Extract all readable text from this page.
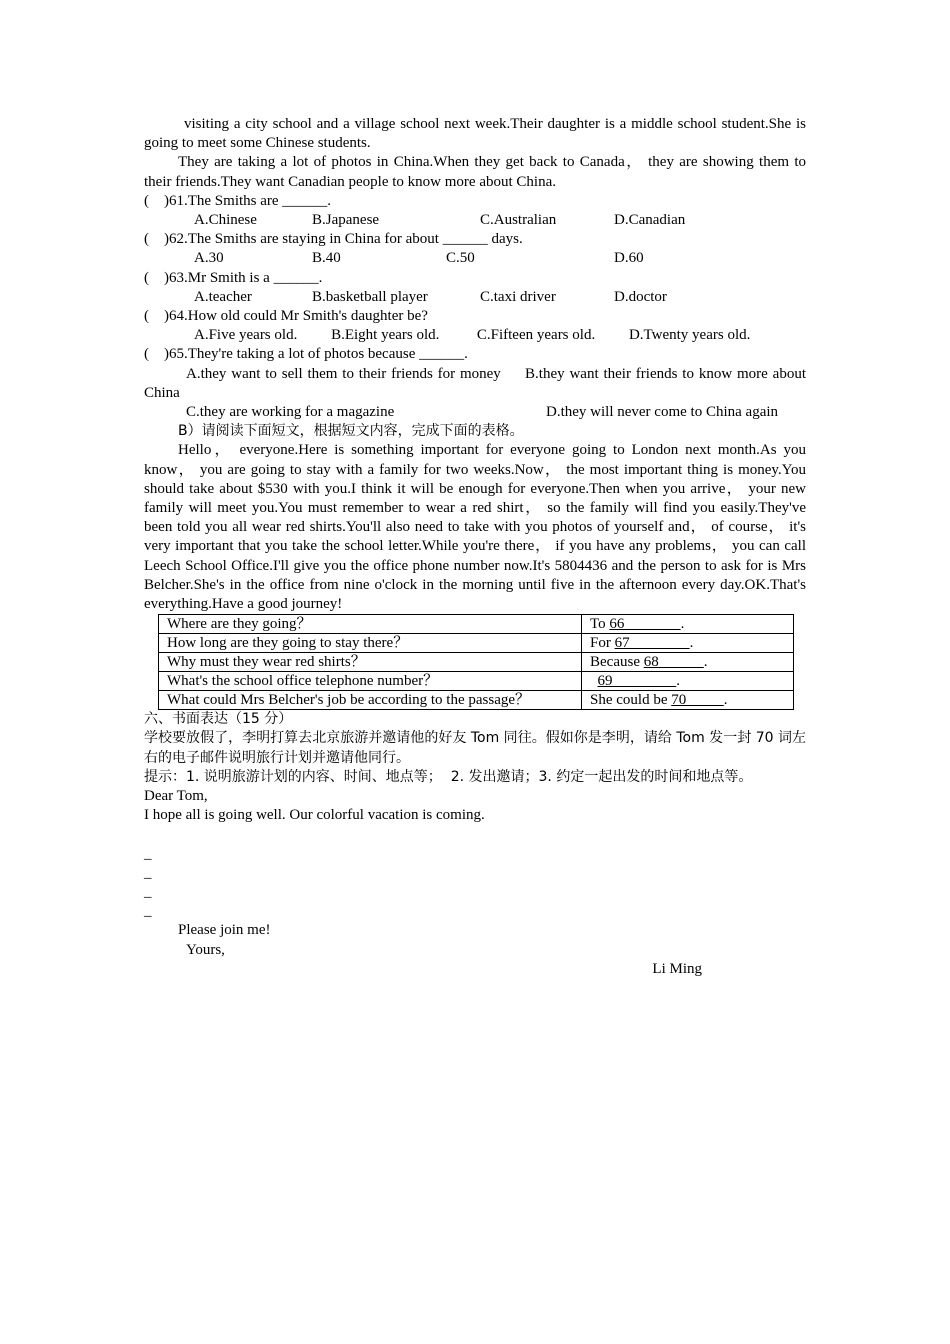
visiting a city school and a village school next week.Their daughter is a middle school student.She is going to meet some Chinese students.

They are taking a lot of photos in China.When they get back to Canada， they are showing them to their friends.They want Canadian people to know more about China.

(    )61.The Smiths are ______.

A.Chinese	B.Japanese	C.Australian	D.Canadian

(    )62.The Smiths are staying in China for about ______ days.

A.30	B.40	C.50	D.60

(    )63.Mr Smith is a ______.

A.teacher	B.basketball player	C.taxi driver	D.doctor

(    )64.How old could Mr Smith's daughter be?

A.Five years old.         B.Eight years old.          C.Fifteen years old.         D.Twenty years old.

(    )65.They're taking a lot of photos because ______.

A.they want to sell them to their friends for money     B.they want their friends to know more about China

C.they are working for a magazine	D.they will never come to China again

B）请阅读下面短文，根据短文内容，完成下面的表格。

Hello， everyone.Here is something important for everyone going to London next month.As you know， you are going to stay with a family for two weeks.Now， the most important thing is money.You should take about $530 with you.I think it will be enough for everyone.Then when you arrive， your new family will meet you.You must remember to wear a red shirt， so the family will find you easily.They've been told you all wear red shirts.You'll also need to take with you photos of yourself and， of course， it's very important that you take the school letter.While you're there， if you have any problems， you can call Leech School Office.I'll give you the office phone number now.It's 5804436 and the person to ask for is Mrs Belcher.She's in the office from nine o'clock in the morning until five in the afternoon every day.OK.That's everything.Have a good journey!

Where are they going？	To 66               .
How long are they going to stay there？	For 67                .
Why must they wear red shirts？	Because 68            .
What's the school office telephone number？	69                 .
What could Mrs Belcher's job be according to the passage？	She could be 70          .

六、书面表达（15 分）

学校要放假了，李明打算去北京旅游并邀请他的好友 Tom 同往。假如你是李明，请给 Tom 发一封 70 词左右的电子邮件说明旅行计划并邀请他同行。

提示：1. 说明旅游计划的内容、时间、地点等；  2. 发出邀请；3. 约定一起出发的时间和地点等。

Dear Tom,

I hope all is going well. Our colorful vacation is coming.

_

_

_

_

Please join me!

Yours,

Li Ming
